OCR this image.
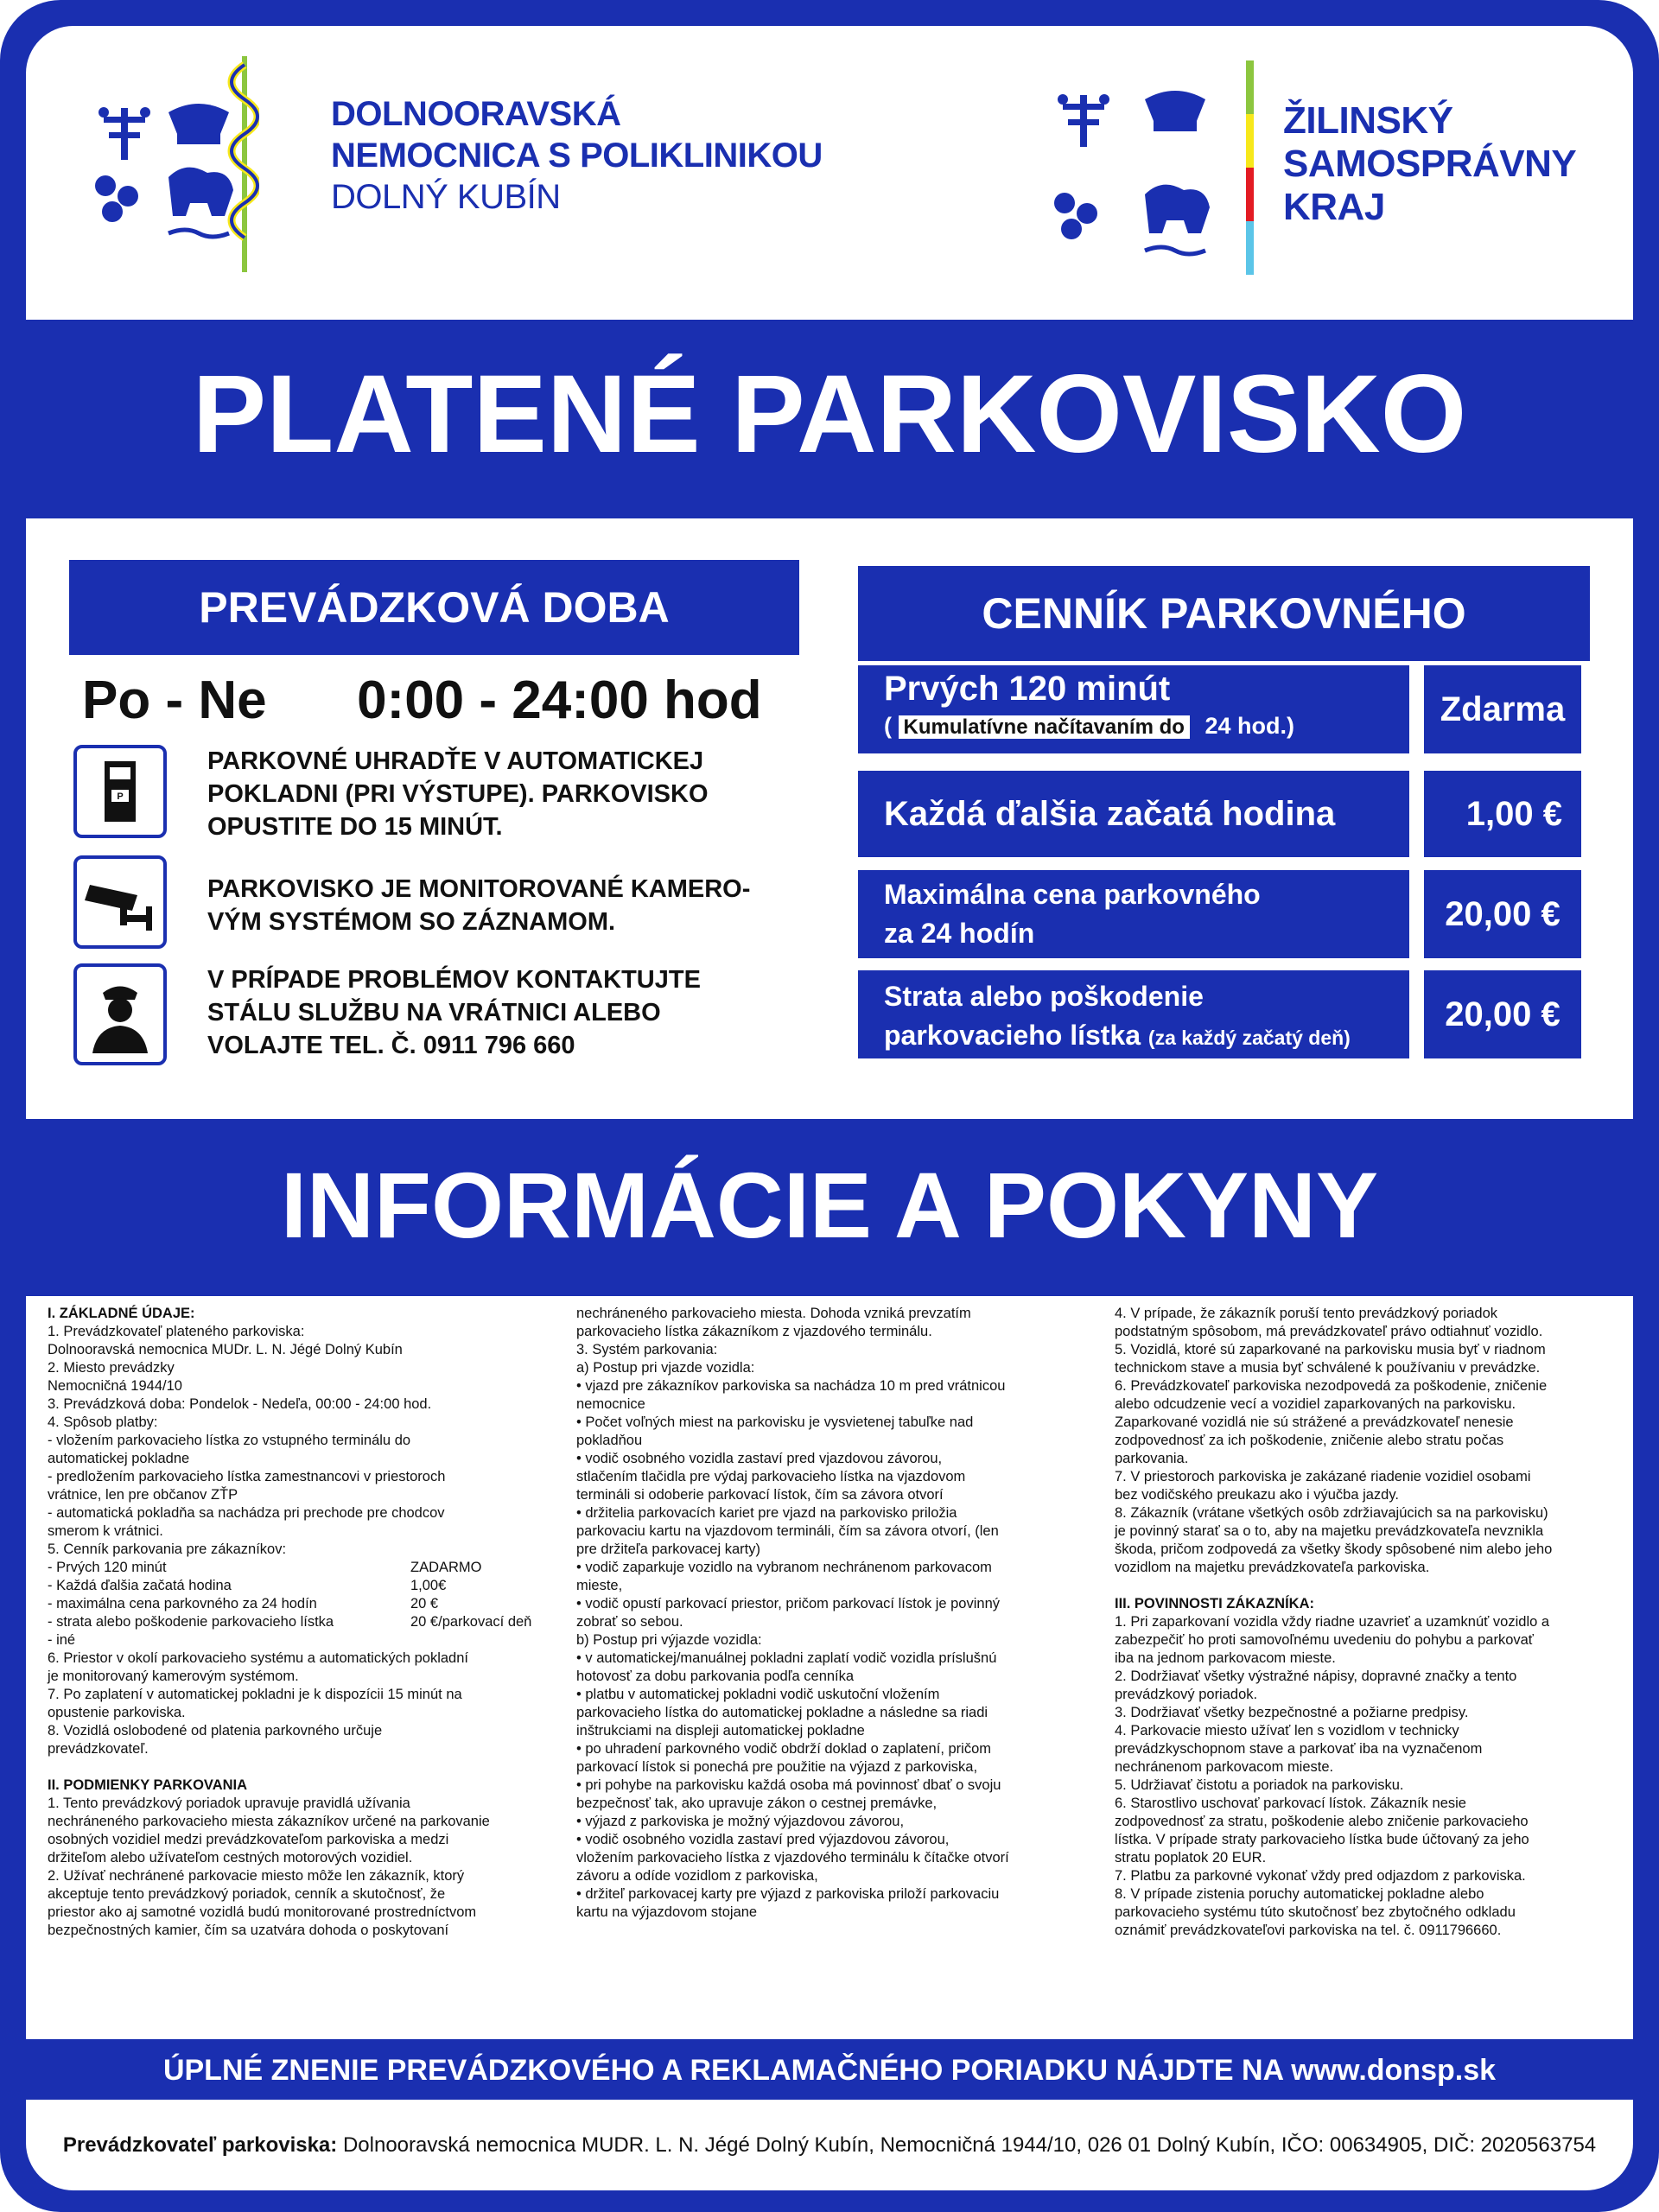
DOLNOORAVSKÁ
NEMOCNICA S POLIKLINIKOU
DOLNÝ KUBÍN
ŽILINSKÝ
SAMOSPRÁVNY
KRAJ
PLATENÉ PARKOVISKO
PREVÁDZKOVÁ DOBA
Po - Ne 0:00 - 24:00 hod
P
PARKOVNÉ UHRADŤE V AUTOMATICKEJ
POKLADNI (PRI VÝSTUPE). PARKOVISKO
OPUSTITE DO 15 MINÚT.
PARKOVISKO JE MONITOROVANÉ KAMERO-
VÝM SYSTÉMOM SO ZÁZNAMOM.
V PRÍPADE PROBLÉMOV KONTAKTUJTE
STÁLU SLUŽBU NA VRÁTNICI ALEBO
VOLAJTE TEL. Č. 0911 796 660
CENNÍK PARKOVNÉHO
Prvých 120 minút
( Kumulatívne načítavaním do 24 hod.)	Zdarma
Každá ďalšia začatá hodina	1,00 €
Maximálna cena parkovného
za 24 hodín
20,00 €
Strata alebo poškodenie
parkovacieho lístka (za každý začatý deň)
20,00 €
INFORMÁCIE A POKYNY

I. ZÁKLADNÉ ÚDAJE:

1. Prevádzkovateľ plateného parkoviska:

Dolnooravská nemocnica MUDr. L. N. Jégé Dolný Kubín

2. Miesto prevádzky

Nemocničná 1944/10

3. Prevádzková doba: Pondelok - Nedeľa, 00:00 - 24:00 hod.

4. Spôsob platby:

- vložením parkovacieho lístka zo vstupného terminálu do

automatickej pokladne

- predložením parkovacieho lístka zamestnancovi v priestoroch

vrátnice, len pre občanov ZŤP

- automatická pokladňa sa nachádza pri prechode pre chodcov

smerom k vrátnici.

5. Cenník parkovania pre zákazníkov:

- Prvých 120 minút	ZADARMO

- Každá ďalšia začatá hodina	1,00€

- maximálna cena parkovného za 24 hodín	20 €

- strata alebo poškodenie parkovacieho lístka	20 €/parkovací deň

- iné

6. Priestor v okolí parkovacieho systému a automatických pokladní

je monitorovaný kamerovým systémom.

7. Po zaplatení v automatickej pokladni je k dispozícii 15 minút na

opustenie parkoviska.

8. Vozidlá oslobodené od platenia parkovného určuje

prevádzkovateľ.

II. PODMIENKY PARKOVANIA

1. Tento prevádzkový poriadok upravuje pravidlá užívania

nechráneného parkovacieho miesta zákazníkov určené na parkovanie

osobných vozidiel medzi prevádzkovateľom parkoviska a medzi

držiteľom alebo užívateľom cestných motorových vozidiel.

2. Užívať nechránené parkovacie miesto môže len zákazník, ktorý

akceptuje tento prevádzkový poriadok, cenník a skutočnosť, že

priestor ako aj samotné vozidlá budú monitorované prostredníctvom

bezpečnostných kamier, čím sa uzatvára dohoda o poskytovaní

nechráneného parkovacieho miesta. Dohoda vzniká prevzatím

parkovacieho lístka zákazníkom z vjazdového terminálu.

3. Systém parkovania:

a) Postup pri vjazde vozidla:

• vjazd pre zákazníkov parkoviska sa nachádza 10 m pred vrátnicou

nemocnice

• Počet voľných miest na parkovisku je vysvietenej tabuľke nad

pokladňou

• vodič osobného vozidla zastaví pred vjazdovou závorou,

stlačením tlačidla pre výdaj parkovacieho lístka na vjazdovom

termináli si odoberie parkovací lístok, čím sa závora otvorí

• držitelia parkovacích kariet pre vjazd na parkovisko priložia

parkovaciu kartu na vjazdovom termináli, čím sa závora otvorí, (len

pre držiteľa parkovacej karty)

• vodič zaparkuje vozidlo na vybranom nechránenom parkovacom

mieste,

• vodič opustí parkovací priestor, pričom parkovací lístok je povinný

zobrať so sebou.

b) Postup pri výjazde vozidla:

• v automatickej/manuálnej pokladni zaplatí vodič vozidla príslušnú

hotovosť za dobu parkovania podľa cenníka

• platbu v automatickej pokladni vodič uskutoční vložením

parkovacieho lístka do automatickej pokladne a následne sa riadi

inštrukciami na displeji automatickej pokladne

• po uhradení parkovného vodič obdrží doklad o zaplatení, pričom

parkovací lístok si ponechá pre použitie na výjazd z parkoviska,

• pri pohybe na parkovisku každá osoba má povinnosť dbať o svoju

bezpečnosť tak, ako upravuje zákon o cestnej premávke,

• výjazd z parkoviska je možný výjazdovou závorou,

• vodič osobného vozidla zastaví pred výjazdovou závorou,

vložením parkovacieho lístka z vjazdového terminálu k čítačke otvorí

závoru a odíde vozidlom z parkoviska,

• držiteľ parkovacej karty pre výjazd z parkoviska priloží parkovaciu

kartu na výjazdovom stojane

4. V prípade, že zákazník poruší tento prevádzkový poriadok

podstatným spôsobom, má prevádzkovateľ právo odtiahnuť vozidlo.

5. Vozidlá, ktoré sú zaparkované na parkovisku musia byť v riadnom

technickom stave a musia byť schválené k používaniu v prevádzke.

6. Prevádzkovateľ parkoviska nezodpovedá za poškodenie, zničenie

alebo odcudzenie vecí a vozidiel zaparkovaných na parkovisku.

Zaparkované vozidlá nie sú strážené a prevádzkovateľ nenesie

zodpovednosť za ich poškodenie, zničenie alebo stratu počas

parkovania.

7. V priestoroch parkoviska je zakázané riadenie vozidiel osobami

bez vodičského preukazu ako i výučba jazdy.

8. Zákazník (vrátane všetkých osôb zdržiavajúcich sa na parkovisku)

je povinný starať sa o to, aby na majetku prevádzkovateľa nevznikla

škoda, pričom zodpovedá za všetky škody spôsobené nim alebo jeho

vozidlom na majetku prevádzkovateľa parkoviska.

III. POVINNOSTI ZÁKAZNÍKA:

1. Pri zaparkovaní vozidla vždy riadne uzavrieť a uzamknúť vozidlo a

zabezpečiť ho proti samovoľnému uvedeniu do pohybu a parkovať

iba na jednom parkovacom mieste.

2. Dodržiavať všetky výstražné nápisy, dopravné značky a tento

prevádzkový poriadok.

3. Dodržiavať všetky bezpečnostné a požiarne predpisy.

4. Parkovacie miesto užívať len s vozidlom v technicky

prevádzkyschopnom stave a parkovať iba na vyznačenom

nechránenom parkovacom mieste.

5. Udržiavať čistotu a poriadok na parkovisku.

6. Starostlivo uschovať parkovací lístok. Zákazník nesie

zodpovednosť za stratu, poškodenie alebo zničenie parkovacieho

lístka. V prípade straty parkovacieho lístka bude účtovaný za jeho

stratu poplatok 20 EUR.

7. Platbu za parkovné vykonať vždy pred odjazdom z parkoviska.

8. V prípade zistenia poruchy automatickej pokladne alebo

parkovacieho systému túto skutočnosť bez zbytočného odkladu

oznámiť prevádzkovateľovi parkoviska na tel. č. 0911796660.

ÚPLNÉ ZNENIE PREVÁDZKOVÉHO A REKLAMAČNÉHO PORIADKU NÁJDTE NA www.donsp.sk
Prevádzkovateľ parkoviska: Dolnooravská nemocnica MUDR. L. N. Jégé Dolný Kubín, Nemocničná 1944/10, 026 01 Dolný Kubín, IČO: 00634905, DIČ: 2020563754
